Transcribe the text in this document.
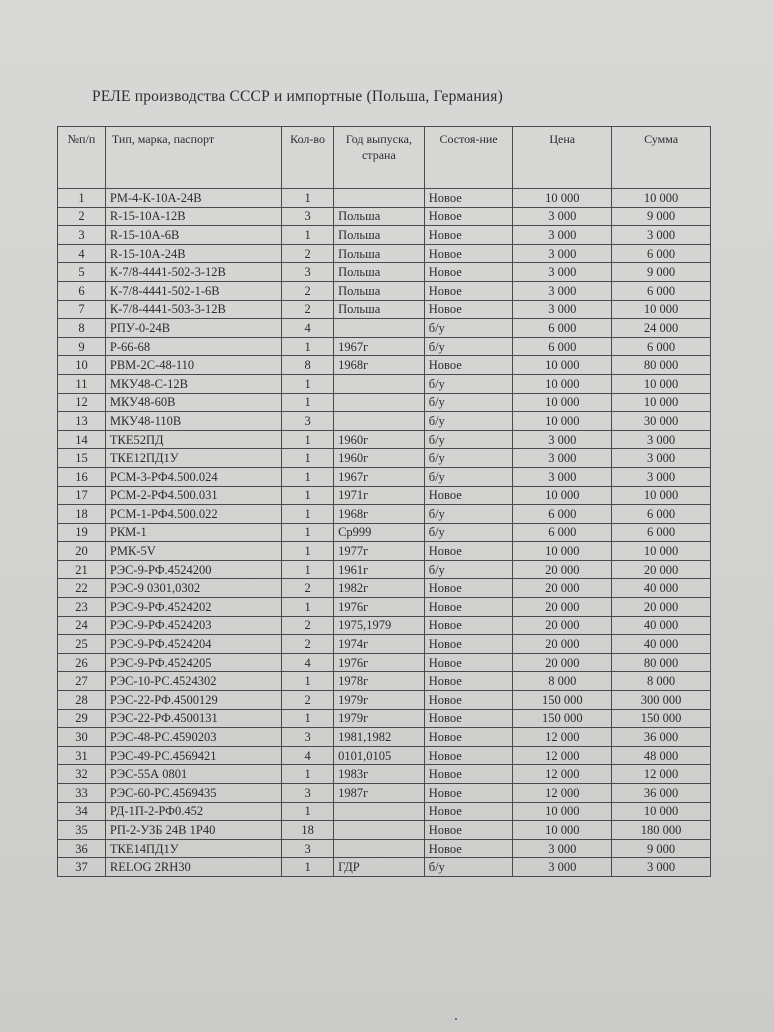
РЕЛЕ производства СССР и импортные (Польша, Германия)
№п/п	Тип, марка, паспорт	Кол-во	Год выпуска, страна	Состоя-ние	Цена	Сумма
1	РМ-4-К-10А-24В	1		Новое	10 000	10 000
2	R-15-10A-12B	3	Польша	Новое	3 000	9 000
3	R-15-10A-6B	1	Польша	Новое	3 000	3 000
4	R-15-10A-24B	2	Польша	Новое	3 000	6 000
5	К-7/8-4441-502-3-12В	3	Польша	Новое	3 000	9 000
6	К-7/8-4441-502-1-6В	2	Польша	Новое	3 000	6 000
7	К-7/8-4441-503-3-12В	2	Польша	Новое	3 000	10 000
8	РПУ-0-24В	4		б/у	6 000	24 000
9	Р-66-68	1	1967г	б/у	6 000	6 000
10	РВМ-2С-48-110	8	1968г	Новое	10 000	80 000
11	МКУ48-С-12В	1		б/у	10 000	10 000
12	МКУ48-60В	1		б/у	10 000	10 000
13	МКУ48-110В	3		б/у	10 000	30 000
14	ТКЕ52ПД	1	1960г	б/у	3 000	3 000
15	ТКЕ12ПД1У	1	1960г	б/у	3 000	3 000
16	РСМ-3-РФ4.500.024	1	1967г	б/у	3 000	3 000
17	РСМ-2-РФ4.500.031	1	1971г	Новое	10 000	10 000
18	РСМ-1-РФ4.500.022	1	1968г	б/у	6 000	6 000
19	РКМ-1	1	Ср999	б/у	6 000	6 000
20	РМК-5V	1	1977г	Новое	10 000	10 000
21	РЭС-9-РФ.4524200	1	1961г	б/у	20 000	20 000
22	РЭС-9 0301,0302	2	1982г	Новое	20 000	40 000
23	РЭС-9-РФ.4524202	1	1976г	Новое	20 000	20 000
24	РЭС-9-РФ.4524203	2	1975,1979	Новое	20 000	40 000
25	РЭС-9-РФ.4524204	2	1974г	Новое	20 000	40 000
26	РЭС-9-РФ.4524205	4	1976г	Новое	20 000	80 000
27	РЭС-10-РС.4524302	1	1978г	Новое	8 000	8 000
28	РЭС-22-РФ.4500129	2	1979г	Новое	150 000	300 000
29	РЭС-22-РФ.4500131	1	1979г	Новое	150 000	150 000
30	РЭС-48-РС.4590203	3	1981,1982	Новое	12 000	36 000
31	РЭС-49-РС.4569421	4	0101,0105	Новое	12 000	48 000
32	РЭС-55А 0801	1	1983г	Новое	12 000	12 000
33	РЭС-60-РС.4569435	3	1987г	Новое	12 000	36 000
34	РД-1П-2-РФ0.452	1		Новое	10 000	10 000
35	РП-2-УЗБ 24В 1Р40	18		Новое	10 000	180 000
36	ТКЕ14ПД1У	3		Новое	3 000	9 000
37	RELOG 2RH30	1	ГДР	б/у	3 000	3 000
